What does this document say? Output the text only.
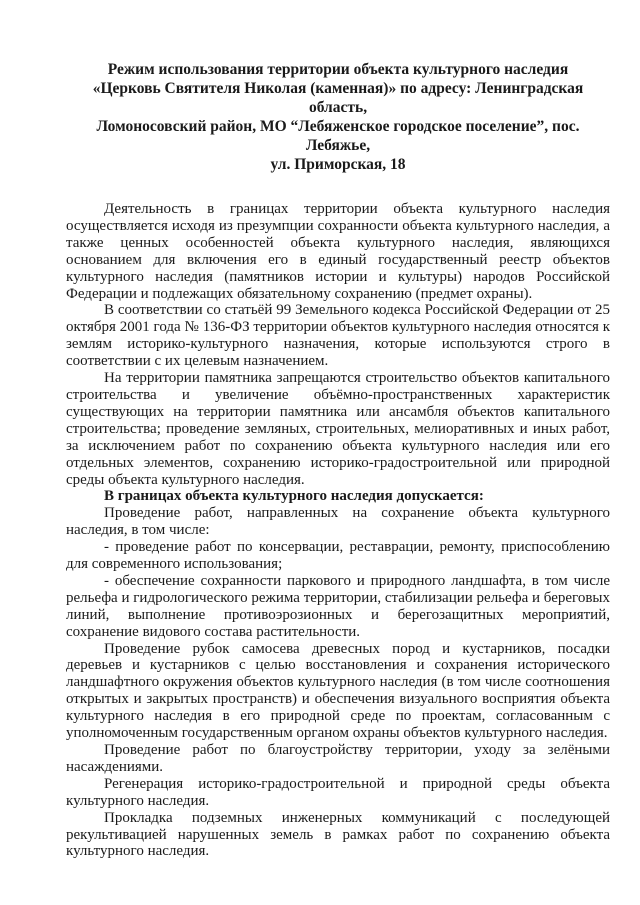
Режим использования территории объекта культурного наследия
«Церковь Святителя Николая (каменная)» по адресу: Ленинградская область,
Ломоносовский район, МО “Лебяженское городское поселение”, пос. Лебяжье,
ул. Приморская, 18

Деятельность в границах территории объекта культурного наследия осуществляется исходя из презумпции сохранности объекта культурного наследия, а также ценных особенностей объекта культурного наследия, являющихся основанием для включения его в единый государственный реестр объектов культурного наследия (памятников истории и культуры) народов Российской Федерации и подлежащих обязательному сохранению (предмет охраны).

В соответствии со статьёй 99 Земельного кодекса Российской Федерации от 25 октября 2001 года № 136-ФЗ территории объектов культурного наследия относятся к землям историко-культурного назначения, которые используются строго в соответствии с их целевым назначением.

На территории памятника запрещаются строительство объектов капитального строительства и увеличение объёмно-пространственных характеристик существующих на территории памятника или ансамбля объектов капитального строительства; проведение земляных, строительных, мелиоративных и иных работ, за исключением работ по сохранению объекта культурного наследия или его отдельных элементов, сохранению историко-градостроительной или природной среды объекта культурного наследия.

В границах объекта культурного наследия допускается:

Проведение работ, направленных на сохранение объекта культурного наследия, в том числе:

- проведение работ по консервации, реставрации, ремонту, приспособлению для современного использования;

- обеспечение сохранности паркового и природного ландшафта, в том числе рельефа и гидрологического режима территории, стабилизации рельефа и береговых линий, выполнение противоэрозионных и берегозащитных мероприятий, сохранение видового состава растительности.

Проведение рубок самосева древесных пород и кустарников, посадки деревьев и кустарников с целью восстановления и сохранения исторического ландшафтного окружения объектов культурного наследия (в том числе соотношения открытых и закрытых пространств) и обеспечения визуального восприятия объекта культурного наследия в его природной среде по проектам, согласованным с уполномоченным государственным органом охраны объектов культурного наследия.

Проведение работ по благоустройству территории, уходу за зелёными насаждениями.

Регенерация историко-градостроительной и природной среды объекта культурного наследия.

Прокладка подземных инженерных коммуникаций с последующей рекультивацией нарушенных земель в рамках работ по сохранению объекта культурного наследия.
